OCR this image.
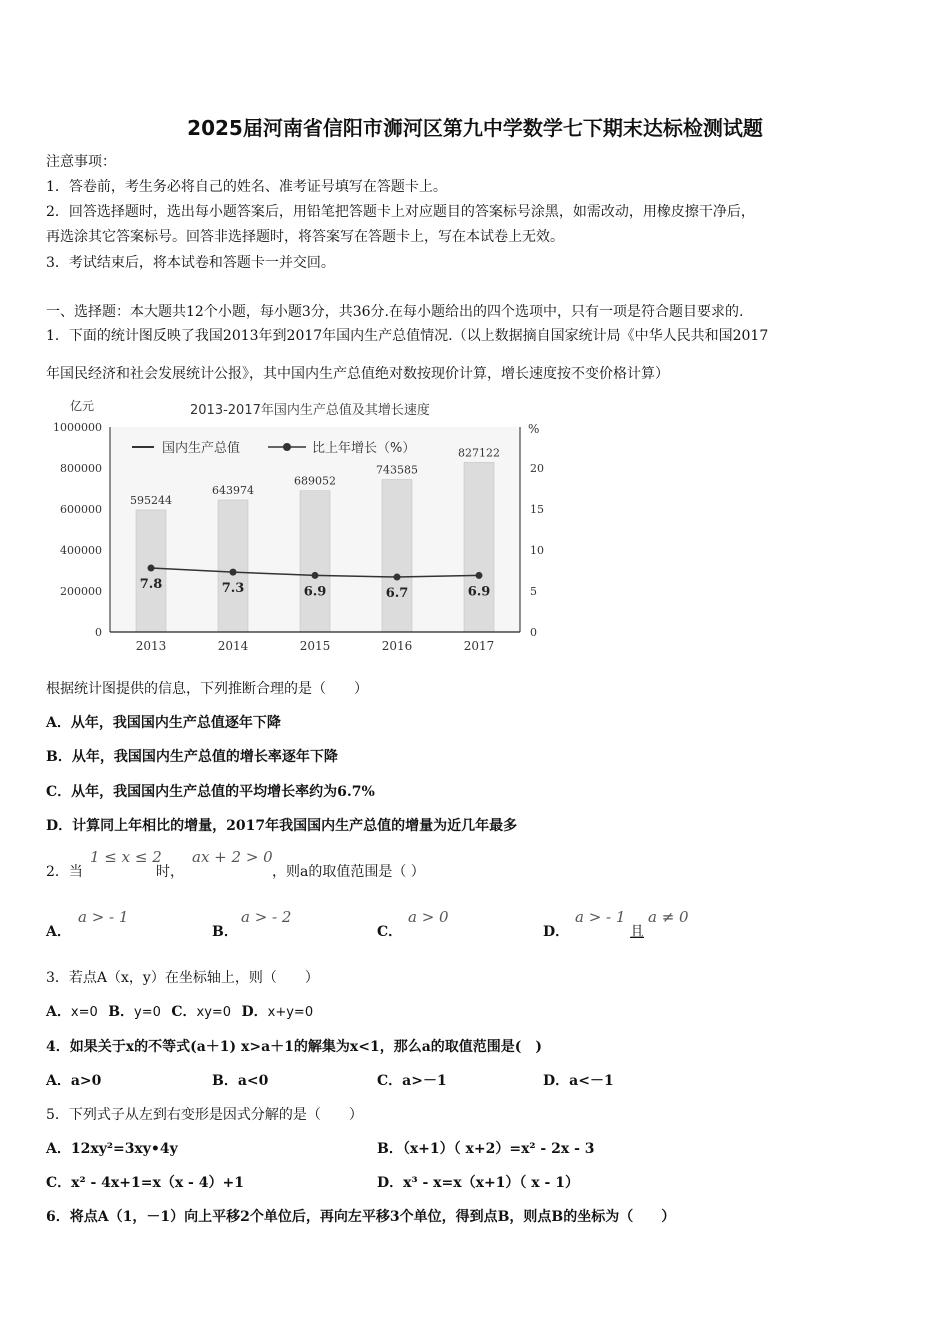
2025届河南省信阳市浉河区第九中学数学七下期末达标检测试题
注意事项：
1．答卷前，考生务必将自己的姓名、准考证号填写在答题卡上。
2．回答选择题时，选出每小题答案后，用铅笔把答题卡上对应题目的答案标号涂黑，如需改动，用橡皮擦干净后，
再选涂其它答案标号。回答非选择题时，将答案写在答题卡上，写在本试卷上无效。
3．考试结束后，将本试卷和答题卡一并交回。
一、选择题：本大题共12个小题，每小题3分，共36分.在每小题给出的四个选项中，只有一项是符合题目要求的.
1．下面的统计图反映了我国2013年到2017年国内生产总值情况.（以上数据摘自国家统计局《中华人民共和国2017
年国民经济和社会发展统计公报》，其中国内生产总值绝对数按现价计算，增长速度按不变价格计算）
595244
643974
689052
743585
827122
亿元	2013-2017年国内生产总值及其增长速度
%
国内生产总值	比上年增长（%）
1000000
800000
600000
400000
200000
0
20
15
10
5
0
2013	2014	2015	2016	2017
7.8	7.3	6.9	6.7	6.9
根据统计图提供的信息，下列推断合理的是（　　）
A．从年，我国国内生产总值逐年下降
B．从年，我国国内生产总值的增长率逐年下降
C．从年，我国国内生产总值的平均增长率约为6.7%
D．计算同上年相比的增量，2017年我国国内生产总值的增量为近几年最多
2．当
1 ≤ x ≤ 2
时，
ax + 2 > 0
，则a的取值范围是（ ）
A．
a > - 1
B．
a > - 2
C．
a > 0
D．
a > - 1
且
a ≠ 0
3．若点A（x，y）在坐标轴上，则（　　）
A．x=0 B．y=0 C．xy=0 D．x+y=0
4．如果关于x的不等式(a＋1) x>a＋1的解集为x<1，那么a的取值范围是(　)
A．a>0	B．a<0	C．a>－1	D．a<－1
5．下列式子从左到右变形是因式分解的是（　　）
A．12xy²=3xy•4y	B．（x+1）（ x+2）=x² - 2x - 3
C．x² - 4x+1=x（x - 4）+1	D．x³ - x=x（x+1）（ x - 1）
6．将点A（1，－1）向上平移2个单位后，再向左平移3个单位，得到点B，则点B的坐标为（　　）
